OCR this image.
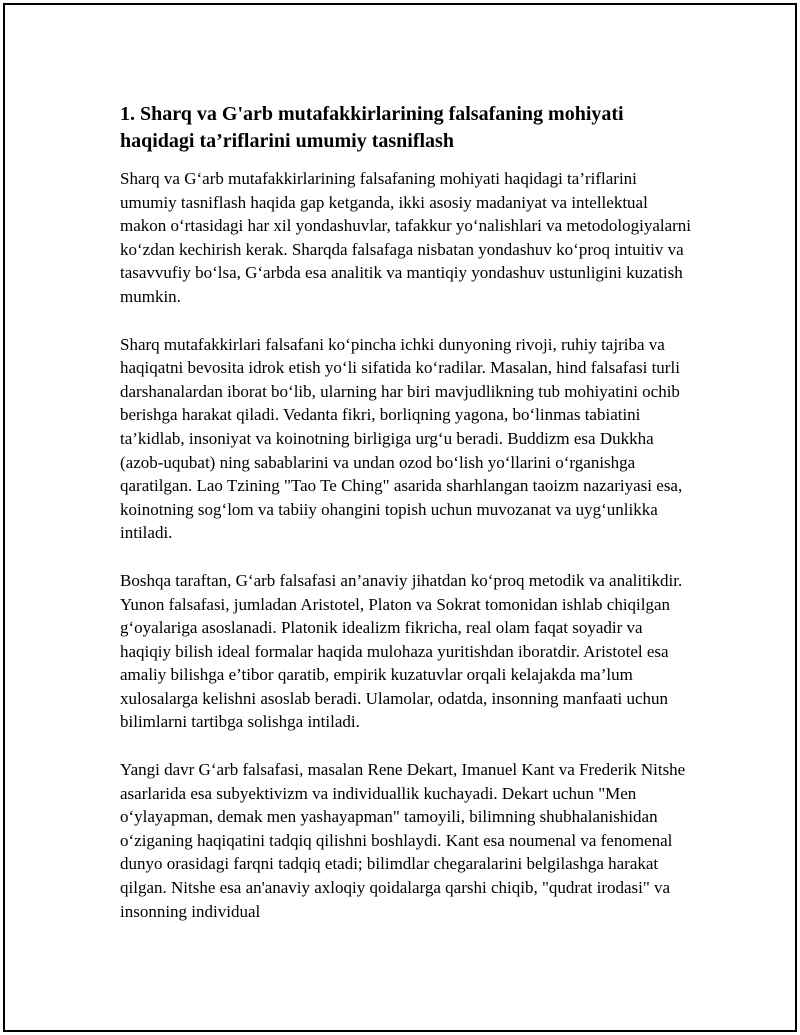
1. Sharq va G'arb mutafakkirlarining falsafaning mohiyati haqidagi ta’riflarini umumiy tasniflash

Sharq va G‘arb mutafakkirlarining falsafaning mohiyati haqidagi ta’riflarini umumiy tasniflash haqida gap ketganda, ikki asosiy madaniyat va intellektual makon o‘rtasidagi har xil yondashuvlar, tafakkur yo‘nalishlari va metodologiyalarni ko‘zdan kechirish kerak. Sharqda falsafaga nisbatan yondashuv ko‘proq intuitiv va tasavvufiy bo‘lsa, G‘arbda esa analitik va mantiqiy yondashuv ustunligini kuzatish mumkin.

Sharq mutafakkirlari falsafani ko‘pincha ichki dunyoning rivoji, ruhiy tajriba va haqiqatni bevosita idrok etish yo‘li sifatida ko‘radilar. Masalan, hind falsafasi turli darshanalardan iborat bo‘lib, ularning har biri mavjudlikning tub mohiyatini ochib berishga harakat qiladi. Vedanta fikri, borliqning yagona, bo‘linmas tabiatini ta’kidlab, insoniyat va koinotning birligiga urg‘u beradi. Buddizm esa Dukkha (azob-uqubat) ning sabablarini va undan ozod bo‘lish yo‘llarini o‘rganishga qaratilgan. Lao Tzining "Tao Te Ching" asarida sharhlangan taoizm nazariyasi esa, koinotning sog‘lom va tabiiy ohangini topish uchun muvozanat va uyg‘unlikka intiladi.

Boshqa taraftan, G‘arb falsafasi an’anaviy jihatdan ko‘proq metodik va analitikdir. Yunon falsafasi, jumladan Aristotel, Platon va Sokrat tomonidan ishlab chiqilgan g‘oyalariga asoslanadi. Platonik idealizm fikricha, real olam faqat soyadir va haqiqiy bilish ideal formalar haqida mulohaza yuritishdan iboratdir. Aristotel esa amaliy bilishga e’tibor qaratib, empirik kuzatuvlar orqali kelajakda ma’lum xulosalarga kelishni asoslab beradi. Ulamolar, odatda, insonning manfaati uchun bilimlarni tartibga solishga intiladi.

Yangi davr G‘arb falsafasi, masalan Rene Dekart, Imanuel Kant va Frederik Nitshe asarlarida esa subyektivizm va individuallik kuchayadi. Dekart uchun "Men o‘ylayapman, demak men yashayapman" tamoyili, bilimning shubhalanishidan o‘ziganing haqiqatini tadqiq qilishni boshlaydi. Kant esa noumenal va fenomenal dunyo orasidagi farqni tadqiq etadi; bilimdlar chegaralarini belgilashga harakat qilgan. Nitshe esa an'anaviy axloqiy qoidalarga qarshi chiqib, "qudrat irodasi" va insonning individual
